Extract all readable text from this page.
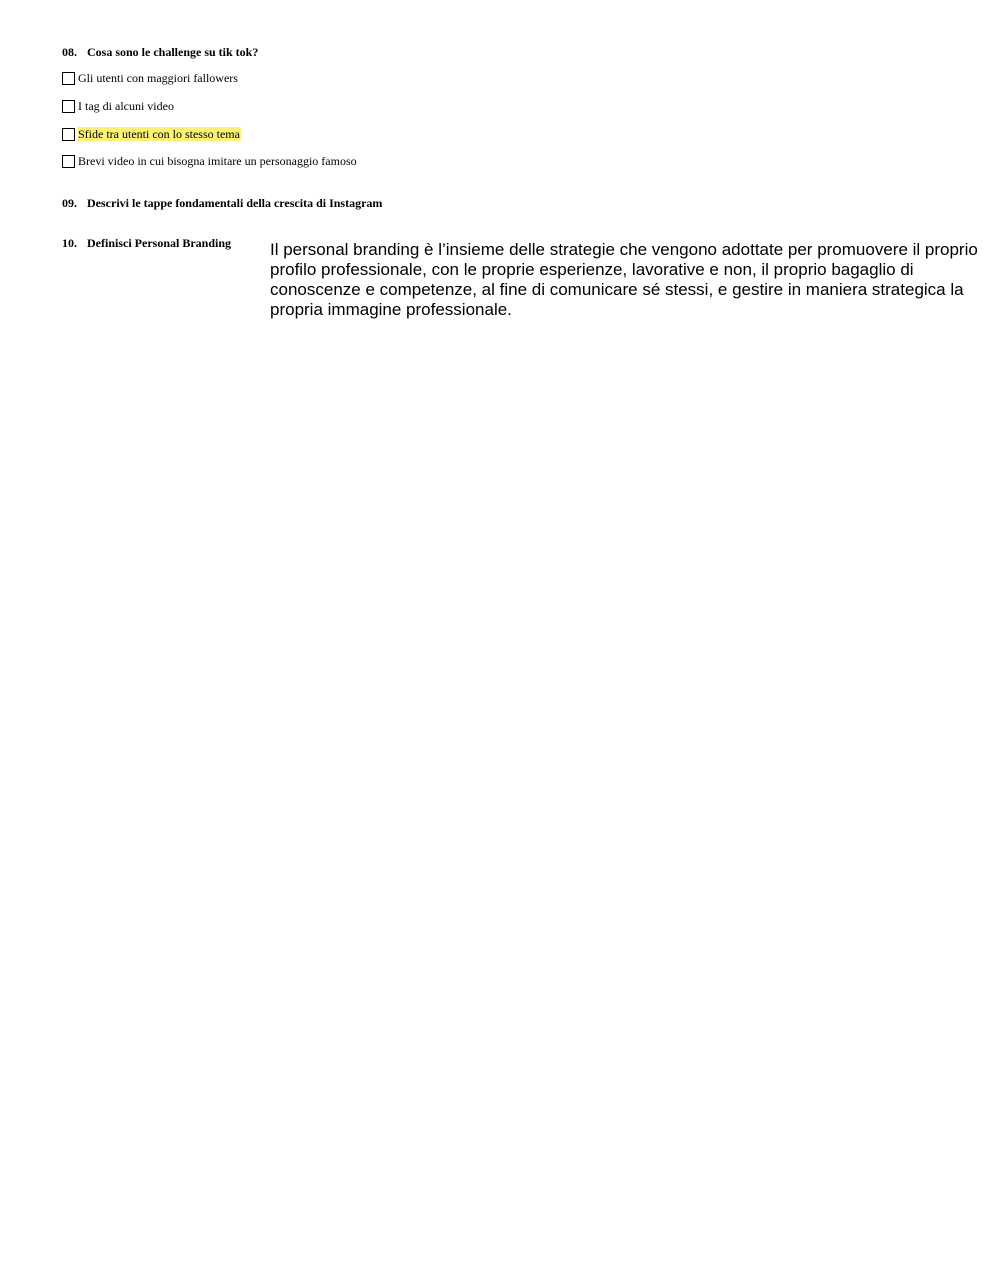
08. Cosa sono le challenge su tik tok?
Gli utenti con maggiori fallowers
I tag di alcuni video
Sfide tra utenti con lo stesso tema
Brevi video in cui bisogna imitare un personaggio famoso
09. Descrivi le tappe fondamentali della crescita di Instagram
10. Definisci Personal Branding Il personal branding è l’insieme delle strategie che vengono adottate per promuovere il proprio profilo professionale, con le proprie esperienze, lavorative e non, il proprio bagaglio di conoscenze e competenze, al fine di comunicare sé stessi, e gestire in maniera strategica la propria immagine professionale.
